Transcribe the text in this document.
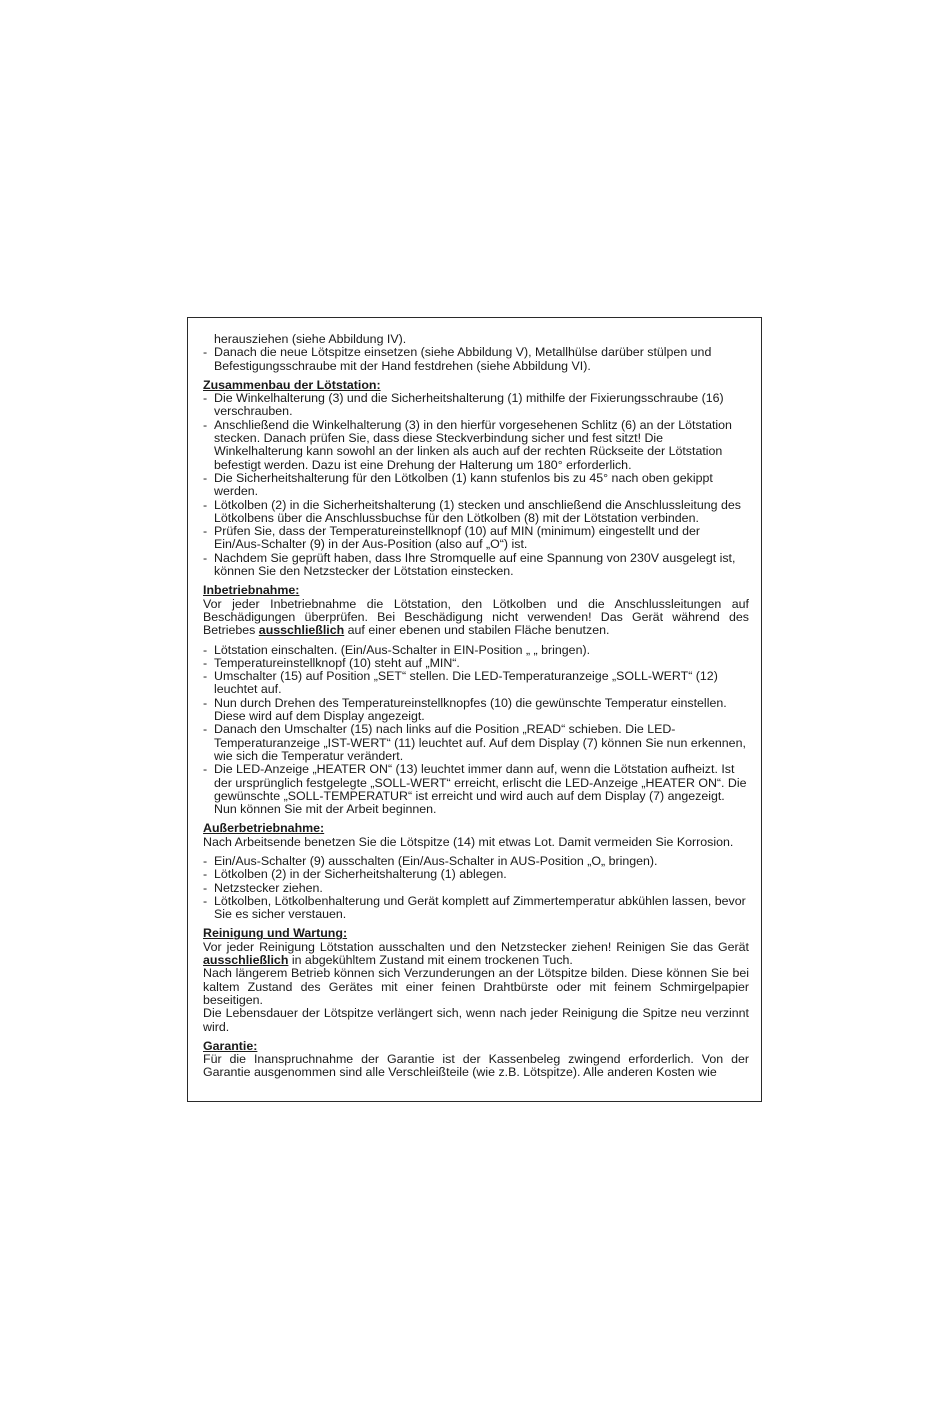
herausziehen (siehe Abbildung IV).
- Danach die neue Lötspitze einsetzen (siehe Abbildung V), Metallhülse darüber stülpen und Befestigungsschraube mit der Hand festdrehen (siehe Abbildung VI).
Zusammenbau der Lötstation:
- Die Winkelhalterung (3) und die Sicherheitshalterung (1) mithilfe der Fixierungsschraube (16) verschrauben.
- Anschließend die Winkelhalterung (3) in den hierfür vorgesehenen Schlitz (6) an der Lötstation stecken. Danach prüfen Sie, dass diese Steckverbindung sicher und fest sitzt! Die Winkelhalterung kann sowohl an der linken als auch auf der rechten Rückseite der Lötstation befestigt werden. Dazu ist eine Drehung der Halterung um 180° erforderlich.
- Die Sicherheitshalterung für den Lötkolben (1) kann stufenlos bis zu 45° nach oben gekippt werden.
- Lötkolben (2) in die Sicherheitshalterung (1) stecken und anschließend die Anschlussleitung des Lötkolbens über die Anschlussbuchse für den Lötkolben (8) mit der Lötstation verbinden.
- Prüfen Sie, dass der Temperatureinstellknopf (10) auf MIN (minimum) eingestellt und der Ein/Aus-Schalter (9) in der Aus-Position (also auf „O“) ist.
- Nachdem Sie geprüft haben, dass Ihre Stromquelle auf eine Spannung von 230V ausgelegt ist, können Sie den Netzstecker der Lötstation einstecken.
Inbetriebnahme:
Vor jeder Inbetriebnahme die Lötstation, den Lötkolben und die Anschlussleitungen auf Beschädigungen überprüfen. Bei Beschädigung nicht verwenden! Das Gerät während des Betriebes ausschließlich auf einer ebenen und stabilen Fläche benutzen.
- Lötstation einschalten. (Ein/Aus-Schalter in EIN-Position „ „ bringen).
- Temperatureinstellknopf (10) steht auf „MIN“.
- Umschalter (15) auf Position „SET“ stellen. Die LED-Temperaturanzeige „SOLL-WERT“ (12) leuchtet auf.
- Nun durch Drehen des Temperatureinstellknopfes (10) die gewünschte Temperatur einstellen. Diese wird auf dem Display angezeigt.
- Danach den Umschalter (15) nach links auf die Position „READ“ schieben. Die LED-Temperaturanzeige „IST-WERT“ (11) leuchtet auf. Auf dem Display (7) können Sie nun erkennen, wie sich die Temperatur verändert.
- Die LED-Anzeige „HEATER ON“ (13) leuchtet immer dann auf, wenn die Lötstation aufheizt. Ist der ursprünglich festgelegte „SOLL-WERT“ erreicht, erlischt die LED-Anzeige „HEATER ON“. Die gewünschte „SOLL-TEMPERATUR“ ist erreicht und wird auch auf dem Display (7) angezeigt. Nun können Sie mit der Arbeit beginnen.
Außerbetriebnahme:
Nach Arbeitsende benetzen Sie die Lötspitze (14) mit etwas Lot. Damit vermeiden Sie Korrosion.
- Ein/Aus-Schalter (9) ausschalten (Ein/Aus-Schalter in AUS-Position „O„ bringen).
- Lötkolben (2) in der Sicherheitshalterung (1) ablegen.
- Netzstecker ziehen.
- Lötkolben, Lötkolbenhalterung und Gerät komplett auf Zimmertemperatur abkühlen lassen, bevor Sie es sicher verstauen.
Reinigung und Wartung:
Vor jeder Reinigung Lötstation ausschalten und den Netzstecker ziehen! Reinigen Sie das Gerät ausschließlich in abgekühltem Zustand mit einem trockenen Tuch.
Nach längerem Betrieb können sich Verzunderungen an der Lötspitze bilden. Diese können Sie bei kaltem Zustand des Gerätes mit einer feinen Drahtbürste oder mit feinem Schmirgelpapier beseitigen.
Die Lebensdauer der Lötspitze verlängert sich, wenn nach jeder Reinigung die Spitze neu verzinnt wird.
Garantie:
Für die Inanspruchnahme der Garantie ist der Kassenbeleg zwingend erforderlich. Von der Garantie ausgenommen sind alle Verschleißteile (wie z.B. Lötspitze). Alle anderen Kosten wie
